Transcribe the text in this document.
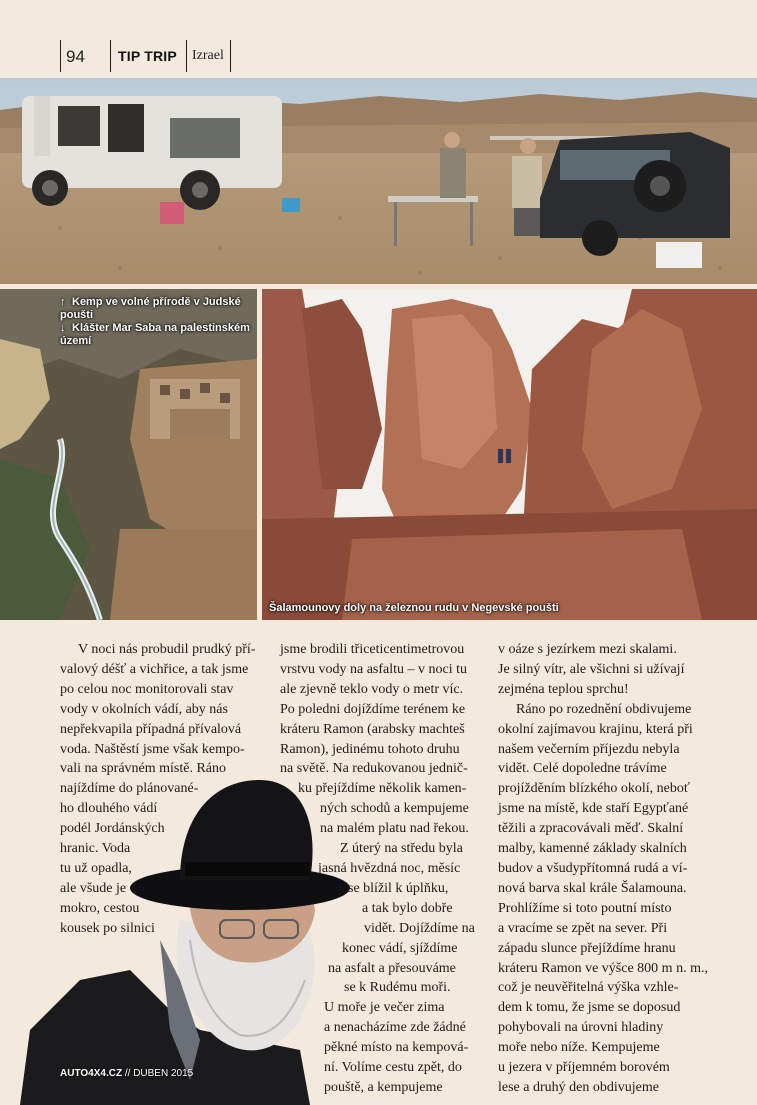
94 TIP TRIP Izrael
↑ Kemp ve volné přírodě v Judské poušti
↓ Klášter Mar Saba na palestinském území
Šalamounovy doly na železnou rudu v Negevské poušti
V noci nás probudil prudký pří-
valový déšť a vichřice, a tak jsme
po celou noc monitorovali stav
vody v okolních vádí, aby nás
nepřekvapila případná přívalová
voda. Naštěstí jsme však kempo-
vali na správném místě. Ráno
najíždíme do plánované-
ho dlouhého vádí
podél Jordánských
hranic. Voda
tu už opadla,
ale všude je
mokro, cestou
kousek po silnici
jsme brodili třiceticentimetrovou
vrstvu vody na asfaltu – v noci tu
ale zjevně teklo vody o metr víc.
Po poledni dojíždíme terénem ke
kráteru Ramon (arabsky machteš
Ramon), jedinému tohoto druhu
na světě. Na redukovanou jednič-
ku přejíždíme několik kamen-
ných schodů a kempujeme
na malém platu nad řekou.
Z úterý na středu byla
jasná hvězdná noc, měsíc
se blížil k úplňku,
a tak bylo dobře
vidět. Dojíždíme na
konec vádí, sjíždíme
na asfalt a přesouváme
se k Rudému moři.
U moře je večer zima
a nenacházíme zde žádné
pěkné místo na kempová-
ní. Volíme cestu zpět, do
pouště, a kempujeme
v oáze s jezírkem mezi skalami.
Je silný vítr, ale všichni si užívají
zejména teplou sprchu!
Ráno po rozednění obdivujeme
okolní zajímavou krajinu, která při
našem večerním příjezdu nebyla
vidět. Celé dopoledne trávíme
projížděním blízkého okolí, neboť
jsme na místě, kde staří Egypťané
těžili a zpracovávali měď. Skalní
malby, kamenné základy skalních
budov a všudypřítomná rudá a ví-
nová barva skal krále Šalamouna.
Prohlížíme si toto poutní místo
a vracíme se zpět na sever. Při
západu slunce přejíždíme hranu
kráteru Ramon ve výšce 800 m n. m.,
což je neuvěřitelná výška vzhle-
dem k tomu, že jsme se doposud
pohybovali na úrovni hladiny
moře nebo níže. Kempujeme
u jezera v příjemném borovém
lese a druhý den obdivujeme
AUTO4X4.CZ // DUBEN 2015
